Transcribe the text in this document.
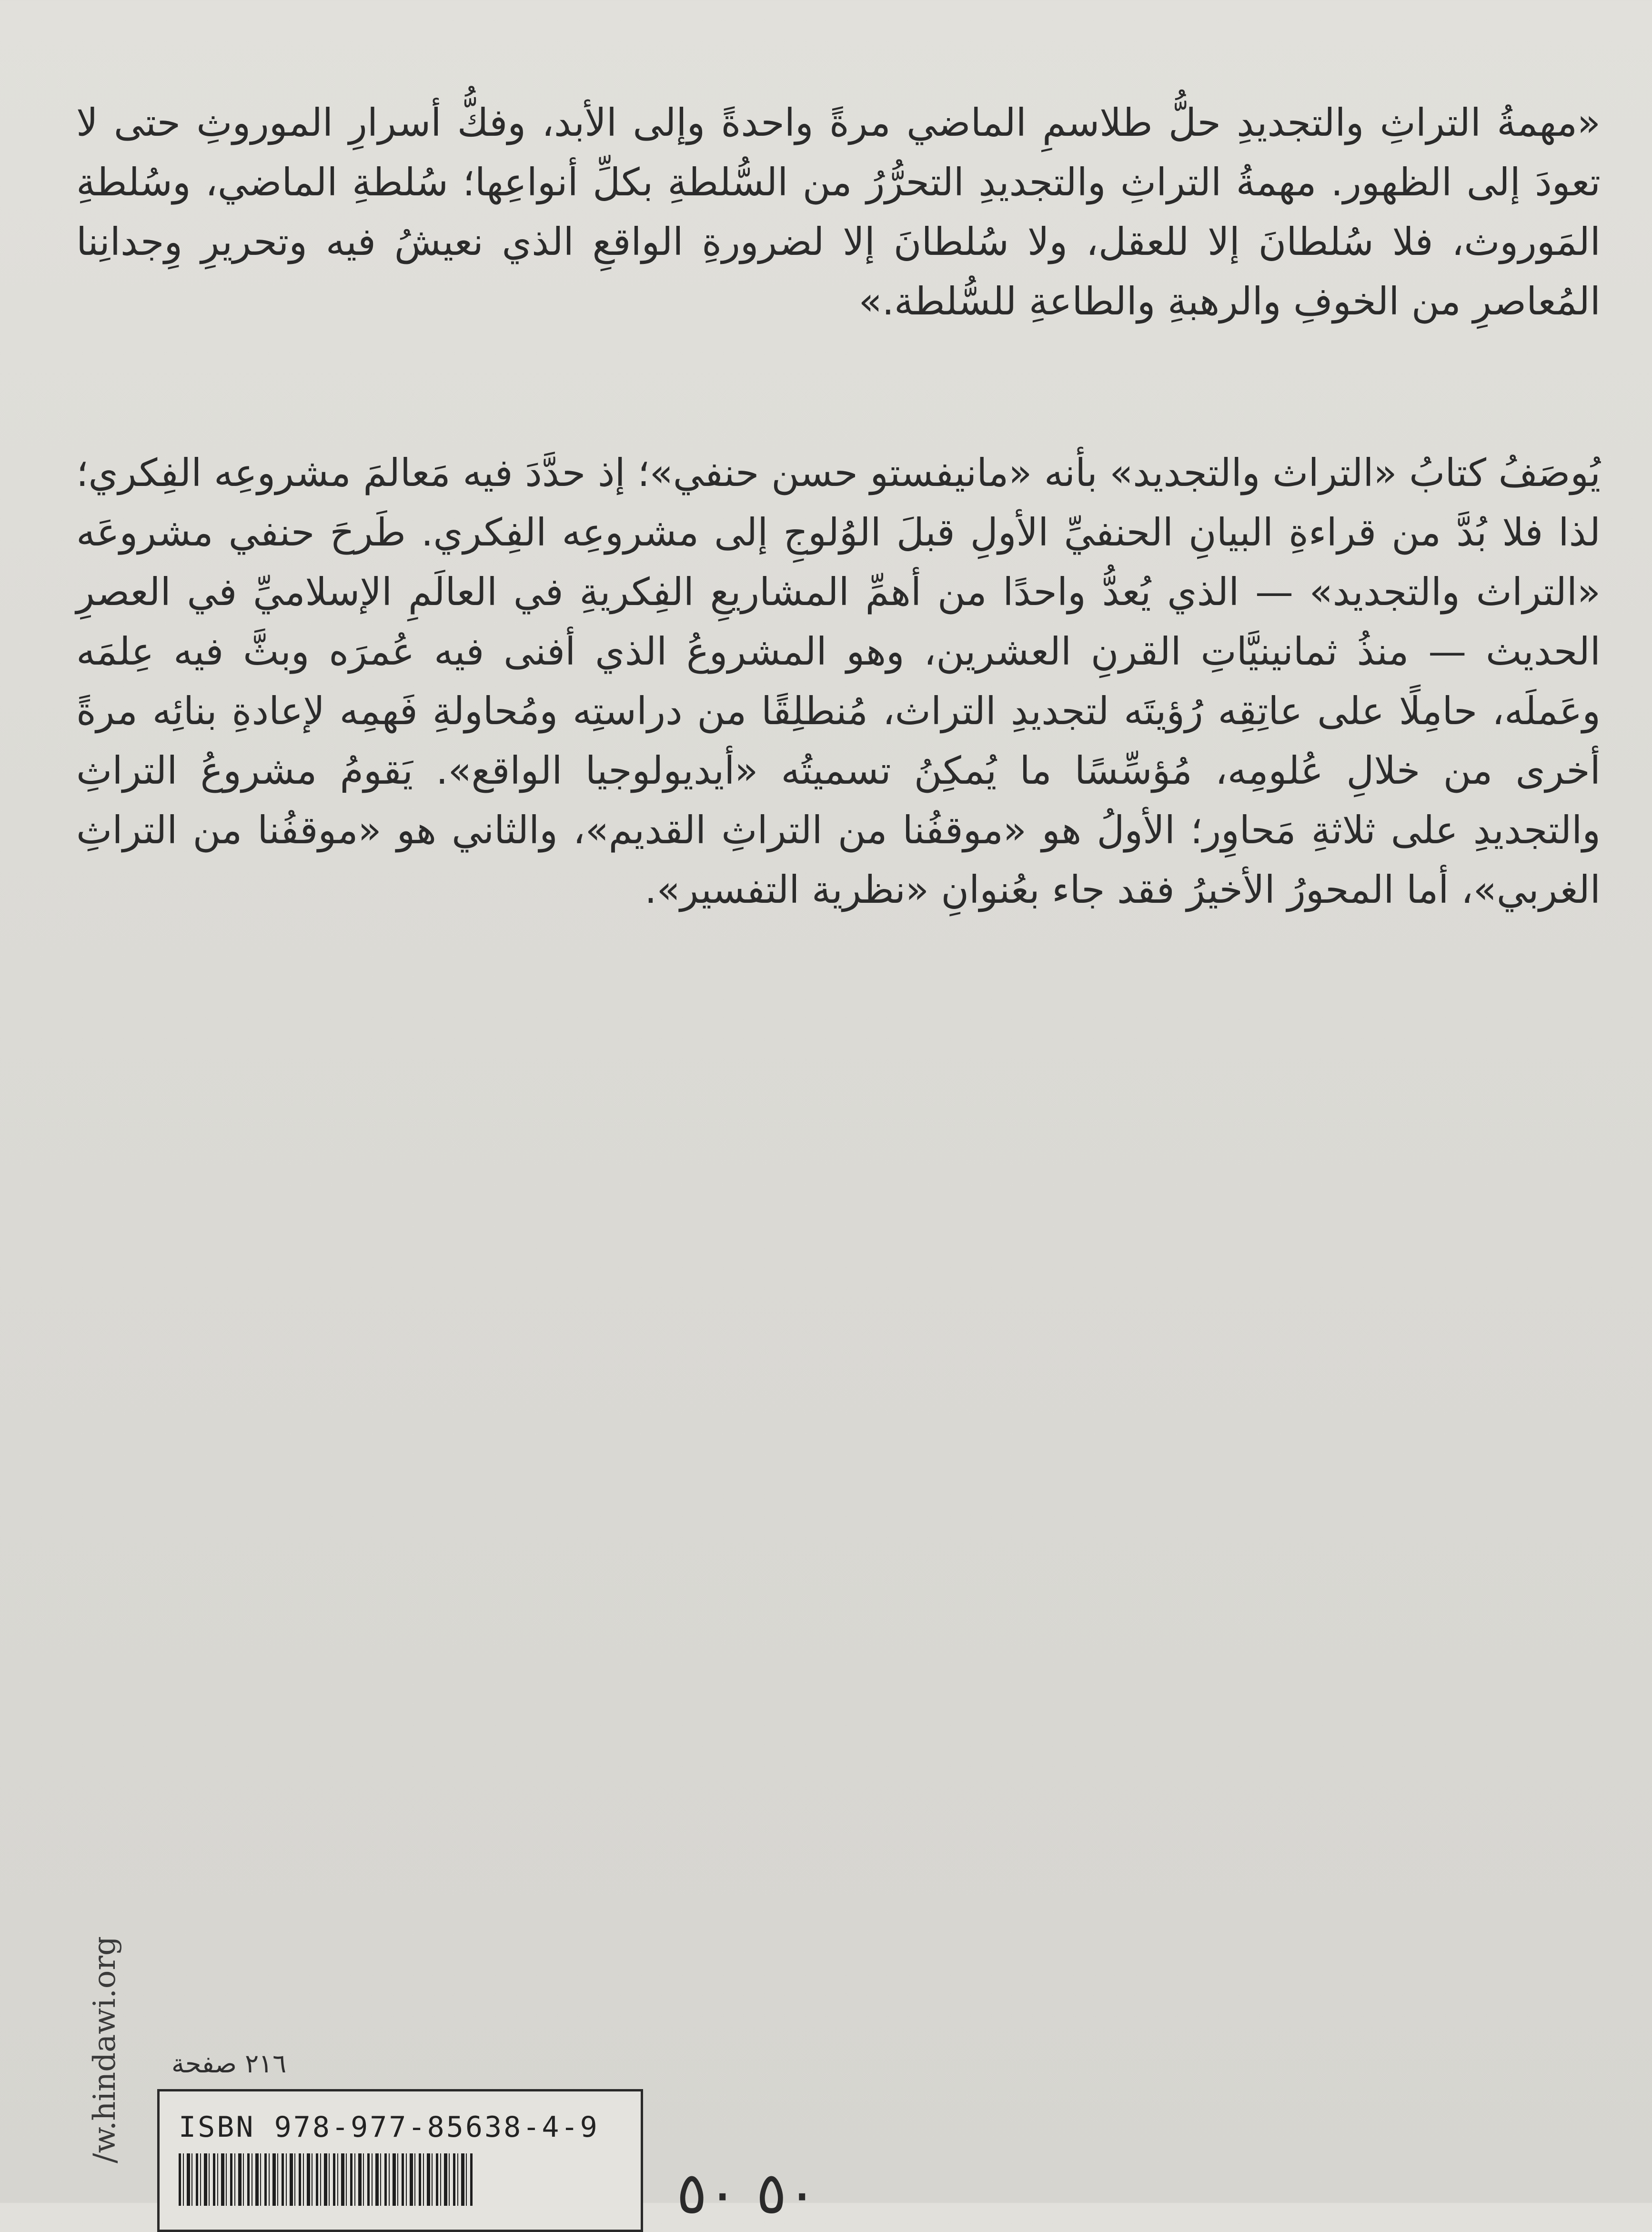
«مهمةُ التراثِ والتجديدِ حلُّ طلاسمِ الماضي مرةً واحدةً وإلى الأبد، وفكُّ أسرارِ الموروثِ حتى لا تعودَ إلى الظهور. مهمةُ التراثِ والتجديدِ التحرُّرُ من السُّلطةِ بكلِّ أنواعِها؛ سُلطةِ الماضي، وسُلطةِ المَوروث، فلا سُلطانَ إلا للعقل، ولا سُلطانَ إلا لضرورةِ الواقعِ الذي نعيشُ فيه وتحريرِ وِجدانِنا المُعاصرِ من الخوفِ والرهبةِ والطاعةِ للسُّلطة.»

يُوصَفُ كتابُ «التراث والتجديد» بأنه «مانيفستو حسن حنفي»؛ إذ حدَّدَ فيه مَعالمَ مشروعِه الفِكري؛ لذا فلا بُدَّ من قراءةِ البيانِ الحنفيِّ الأولِ قبلَ الوُلوجِ إلى مشروعِه الفِكري. طَرحَ حنفي مشروعَه «التراث والتجديد» — الذي يُعدُّ واحدًا من أهمِّ المشاريعِ الفِكريةِ في العالَمِ الإسلاميِّ في العصرِ الحديث — منذُ ثمانينيَّاتِ القرنِ العشرين، وهو المشروعُ الذي أفنى فيه عُمرَه وبثَّ فيه عِلمَه وعَملَه، حامِلًا على عاتِقِه رُؤيتَه لتجديدِ التراث، مُنطلِقًا من دراستِه ومُحاولةِ فَهمِه لإعادةِ بنائِه مرةً أخرى من خلالِ عُلومِه، مُؤسِّسًا ما يُمكِنُ تسميتُه «أيديولوجيا الواقع». يَقومُ مشروعُ التراثِ والتجديدِ على ثلاثةِ مَحاوِر؛ الأولُ هو «موقفُنا من التراثِ القديم»، والثاني هو «موقفُنا من التراثِ الغربي»، أما المحورُ الأخيرُ فقد جاء بعُنوانِ «نظرية التفسير».

w.hindawi.org/ ٢١٦ صفحة
ISBN 978-977-85638-4-9
٥٠ ٥٠
